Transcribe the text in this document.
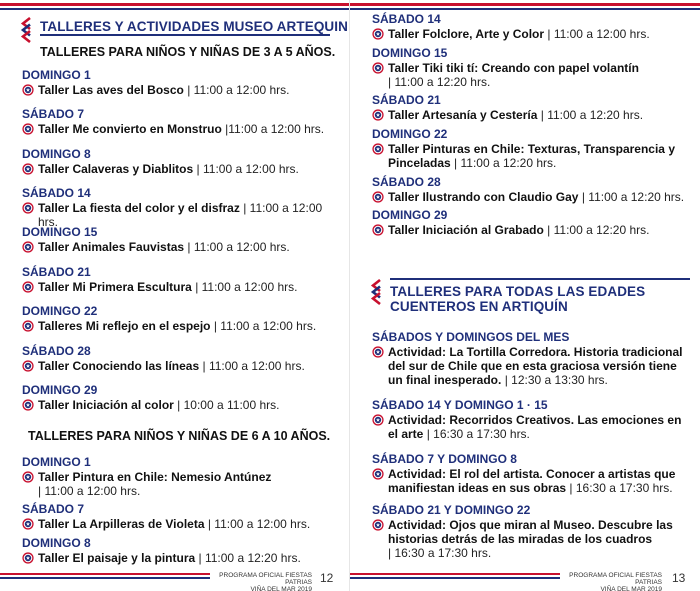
TALLERES Y ACTIVIDADES MUSEO ARTEQUIN
TALLERES PARA NIÑOS Y NIÑAS DE 3 A 5 AÑOS.
DOMINGO 1
Taller Las aves del Bosco | 11:00 a 12:00 hrs.
SÁBADO 7
Taller Me convierto en Monstruo |11:00 a 12:00 hrs.
DOMINGO 8
Taller Calaveras y Diablitos | 11:00 a 12:00 hrs.
SÁBADO 14
Taller La fiesta del color y el disfraz | 11:00 a 12:00 hrs.
DOMINGO 15
Taller Animales Fauvistas | 11:00 a 12:00 hrs.
SÁBADO 21
Taller Mi Primera Escultura | 11:00 a 12:00 hrs.
DOMINGO 22
Talleres Mi reflejo en el espejo | 11:00 a 12:00 hrs.
SÁBADO 28
Taller Conociendo las líneas | 11:00 a 12:00 hrs.
DOMINGO 29
Taller Iniciación al color | 10:00 a 11:00 hrs.
TALLERES PARA NIÑOS Y NIÑAS DE 6 A 10 AÑOS.
DOMINGO 1
Taller Pintura en Chile: Nemesio Antúnez
| 11:00 a 12:00 hrs.
SÁBADO 7
Taller La Arpilleras de Violeta | 11:00 a 12:00 hrs.
DOMINGO 8
Taller El paisaje y la pintura | 11:00 a 12:20 hrs.
PROGRAMA OFICIAL FIESTAS PATRIAS
VIÑA DEL MAR 2019
12
SÁBADO 14
Taller Folclore, Arte y Color | 11:00 a 12:00 hrs.
DOMINGO 15
Taller Tiki tiki tí: Creando con papel volantín
| 11:00 a 12:20 hrs.
SÁBADO 21
Taller Artesanía y Cestería | 11:00 a 12:20 hrs.
DOMINGO 22
Taller Pinturas en Chile: Texturas, Transparencia y Pinceladas | 11:00 a 12:20 hrs.
SÁBADO 28
Taller Ilustrando con Claudio Gay | 11:00 a 12:20 hrs.
DOMINGO 29
Taller Iniciación al Grabado | 11:00 a 12:20 hrs.
TALLERES PARA TODAS LAS EDADES
CUENTEROS EN ARTIQUÍN
SÁBADOS Y DOMINGOS DEL MES
Actividad: La Tortilla Corredora. Historia tradicional del sur de Chile que en esta graciosa versión tiene un final inesperado. | 12:30 a 13:30 hrs.
SÁBADO 14 Y DOMINGO 1 · 15
Actividad: Recorridos Creativos. Las emociones en el arte | 16:30 a 17:30 hrs.
SÁBADO 7 Y DOMINGO 8
Actividad: El rol del artista. Conocer a artistas que manifiestan ideas en sus obras | 16:30 a 17:30 hrs.
SÁBADO 21 Y DOMINGO 22
Actividad: Ojos que miran al Museo. Descubre las historias detrás de las miradas de los cuadros
| 16:30 a 17:30 hrs.
PROGRAMA OFICIAL FIESTAS PATRIAS
VIÑA DEL MAR 2019
13
